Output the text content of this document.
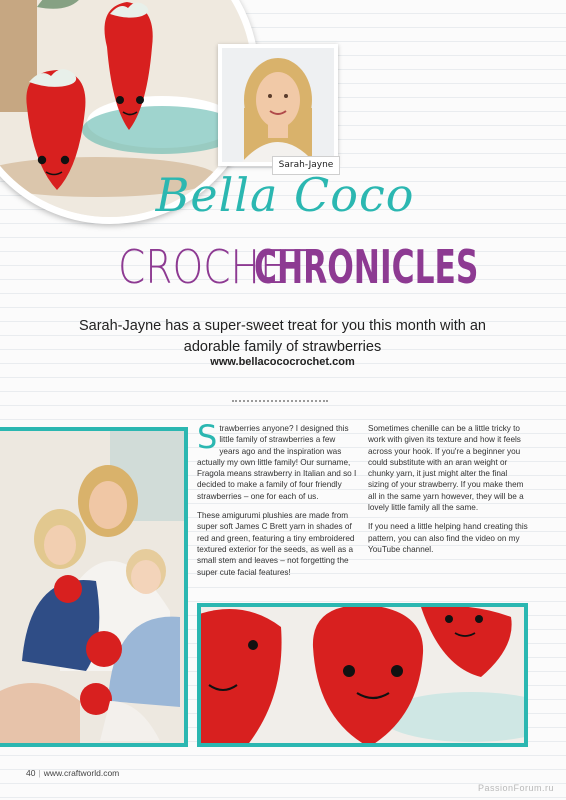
Sarah-Jayne
Bella Coco
CROCHET
CHRONICLES
Sarah-Jayne has a super-sweet treat for you this month with an adorable family of strawberries
www.bellacococrochet.com

Strawberries anyone? I designed this little family of strawberries a few years ago and the inspiration was actually my own little family! Our surname, Fragola means strawberry in Italian and so I decided to make a family of four friendly strawberries – one for each of us.

These amigurumi plushies are made from super soft James C Brett yarn in shades of red and green, featuring a tiny embroidered textured exterior for the seeds, as well as a small stem and leaves – not forgetting the super cute facial features!

Sometimes chenille can be a little tricky to work with given its texture and how it feels across your hook. If you're a beginner you could substitute with an aran weight or chunky yarn, it just might alter the final sizing of your strawberry. If you make them all in the same yarn however, they will be a lovely little family all the same.

If you need a little helping hand creating this pattern, you can also find the video on my YouTube channel.

40 | www.craftworld.com
PassionForum.ru
